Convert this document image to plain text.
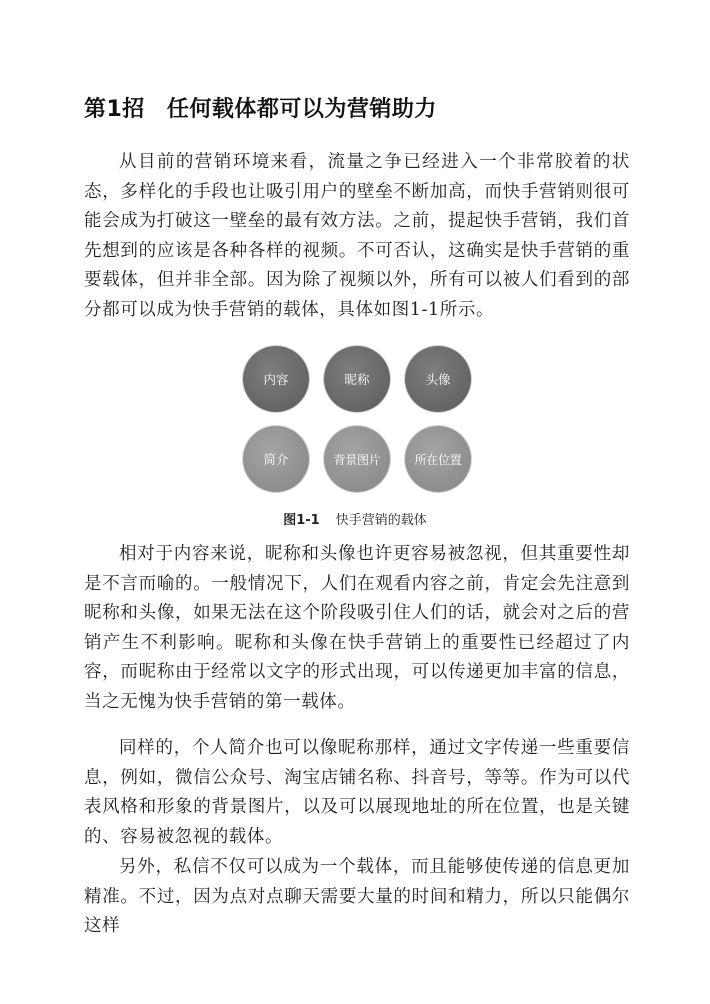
第1招 任何载体都可以为营销助力

从目前的营销环境来看，流量之争已经进入一个非常胶着的状态，多样化的手段也让吸引用户的壁垒不断加高，而快手营销则很可能会成为打破这一壁垒的最有效方法。之前，提起快手营销，我们首先想到的应该是各种各样的视频。不可否认，这确实是快手营销的重要载体，但并非全部。因为除了视频以外，所有可以被人们看到的部分都可以成为快手营销的载体，具体如图1-1所示。

内容	昵称	头像
简介	背景图片	所在位置

图1-1 快手营销的载体

相对于内容来说，昵称和头像也许更容易被忽视，但其重要性却是不言而喻的。一般情况下，人们在观看内容之前，肯定会先注意到昵称和头像，如果无法在这个阶段吸引住人们的话，就会对之后的营销产生不利影响。昵称和头像在快手营销上的重要性已经超过了内容，而昵称由于经常以文字的形式出现，可以传递更加丰富的信息，当之无愧为快手营销的第一载体。

同样的，个人简介也可以像昵称那样，通过文字传递一些重要信息，例如，微信公众号、淘宝店铺名称、抖音号，等等。作为可以代表风格和形象的背景图片，以及可以展现地址的所在位置，也是关键的、容易被忽视的载体。

另外，私信不仅可以成为一个载体，而且能够使传递的信息更加精准。不过，因为点对点聊天需要大量的时间和精力，所以只能偶尔这样
